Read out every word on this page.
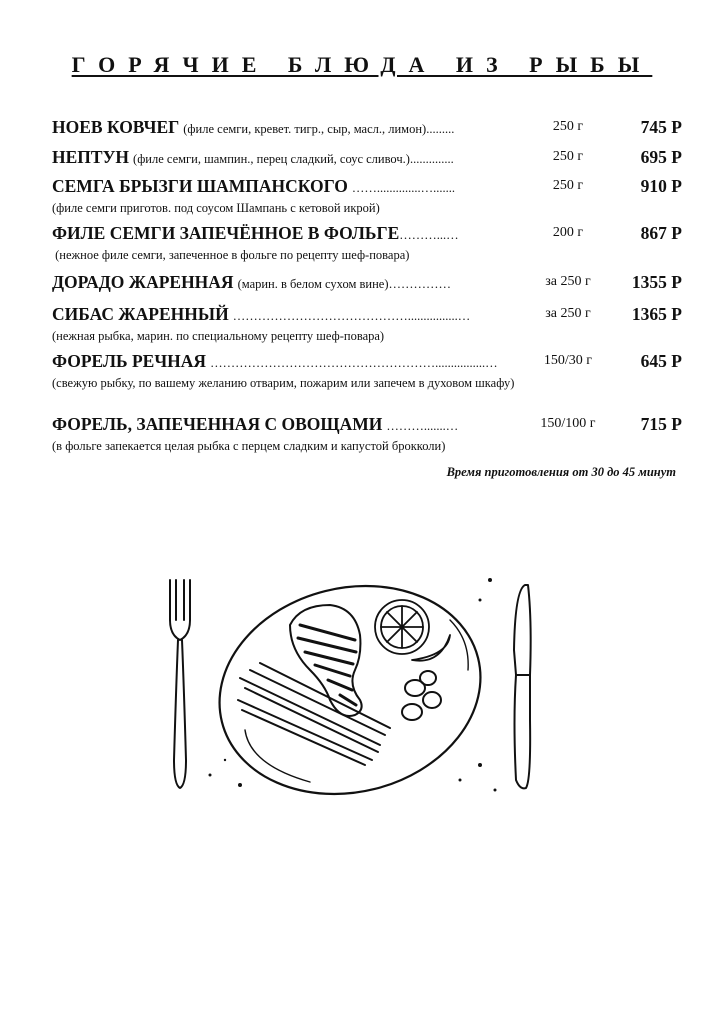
ГОРЯЧИЕ БЛЮДА ИЗ РЫБЫ
НОЕВ КОВЧЕГ (филе семги, кревет. тигр., сыр, масл., лимон).........	250 г	745 Р
НЕПТУН (филе семги, шампин., перец сладкий, соус сливоч.)..............	250 г	695 Р
СЕМГА БРЫЗГИ ШАМПАНСКОГО ……..............….......	250 г	910 Р
(филе семги приготов. под соусом Шампань с кетовой икрой)
ФИЛЕ СЕМГИ ЗАПЕЧЁННОЕ В ФОЛЬГЕ………...…	200 г	867 Р
(нежное филе семги, запеченное в фольге по рецепту шеф-повара)
ДОРАДО ЖАРЕННАЯ (марин. в белом сухом вине)……………	за 250 г	1355 Р
СИБАС ЖАРЕННЫЙ ……………………………………................…	за 250 г	1365 Р
(нежная рыбка, марин. по специальному рецепту шеф-повара)
ФОРЕЛЬ РЕЧНАЯ ………………………………………………................…	150/30 г	645 Р
(свежую рыбку, по вашему желанию отварим, пожарим или запечем в духовом шкафу)
ФОРЕЛЬ, ЗАПЕЧЕННАЯ С ОВОЩАМИ ……….......…	150/100 г	715 Р
(в фольге запекается целая рыбка с перцем сладким и капустой брокколи)
Время приготовления от 30 до 45 минут
